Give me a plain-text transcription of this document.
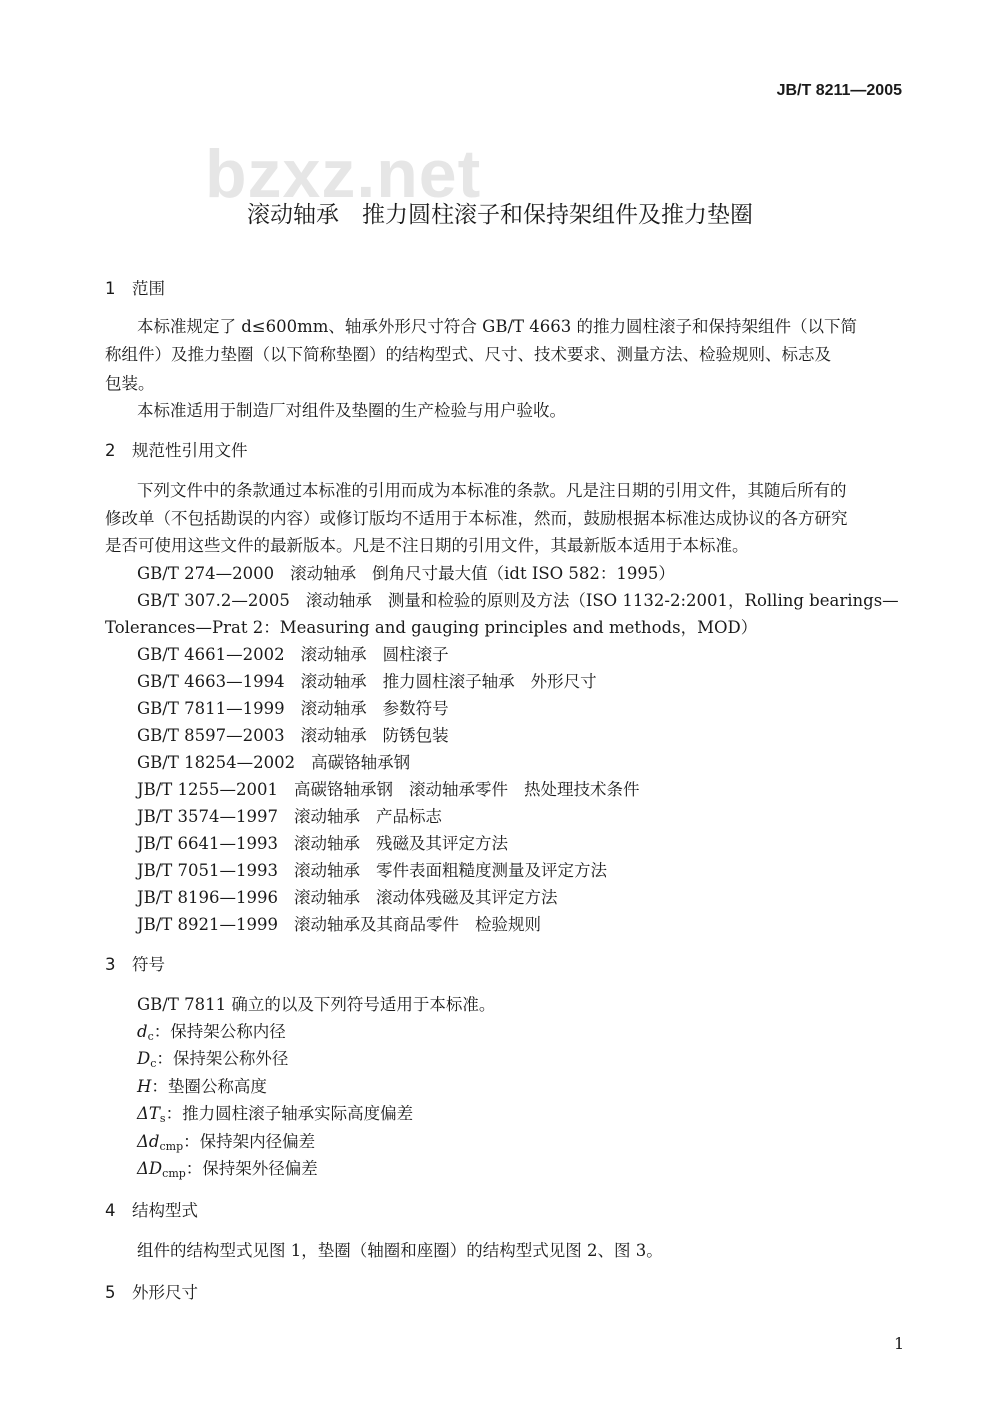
JB/T 8211—2005
bzxz.net
滚动轴承　推力圆柱滚子和保持架组件及推力垫圈
1　范围
本标准规定了 d≤600mm、轴承外形尺寸符合 GB/T 4663 的推力圆柱滚子和保持架组件（以下简
称组件）及推力垫圈（以下简称垫圈）的结构型式、尺寸、技术要求、测量方法、检验规则、标志及
包装。
本标准适用于制造厂对组件及垫圈的生产检验与用户验收。
2　规范性引用文件
下列文件中的条款通过本标准的引用而成为本标准的条款。凡是注日期的引用文件，其随后所有的
修改单（不包括勘误的内容）或修订版均不适用于本标准，然而，鼓励根据本标准达成协议的各方研究
是否可使用这些文件的最新版本。凡是不注日期的引用文件，其最新版本适用于本标准。
GB/T 274—2000 滚动轴承 倒角尺寸最大值（idt ISO 582：1995）
GB/T 307.2—2005 滚动轴承 测量和检验的原则及方法（ISO 1132-2:2001，Rolling bearings—
Tolerances—Prat 2：Measuring and gauging principles and methods，MOD）
GB/T 4661—2002 滚动轴承 圆柱滚子
GB/T 4663—1994 滚动轴承 推力圆柱滚子轴承 外形尺寸
GB/T 7811—1999 滚动轴承 参数符号
GB/T 8597—2003 滚动轴承 防锈包装
GB/T 18254—2002 高碳铬轴承钢
JB/T 1255—2001 高碳铬轴承钢 滚动轴承零件 热处理技术条件
JB/T 3574—1997 滚动轴承 产品标志
JB/T 6641—1993 滚动轴承 残磁及其评定方法
JB/T 7051—1993 滚动轴承 零件表面粗糙度测量及评定方法
JB/T 8196—1996 滚动轴承 滚动体残磁及其评定方法
JB/T 8921—1999 滚动轴承及其商品零件 检验规则
3　符号
GB/T 7811 确立的以及下列符号适用于本标准。
$d_c$：保持架公称内径
$D_c$：保持架公称外径
H：垫圈公称高度
$\Delta T_s$：推力圆柱滚子轴承实际高度偏差
$\Delta d_{cmp}$：保持架内径偏差
$\Delta D_{cmp}$：保持架外径偏差
4　结构型式
组件的结构型式见图 1，垫圈（轴圈和座圈）的结构型式见图 2、图 3。
5　外形尺寸
1
